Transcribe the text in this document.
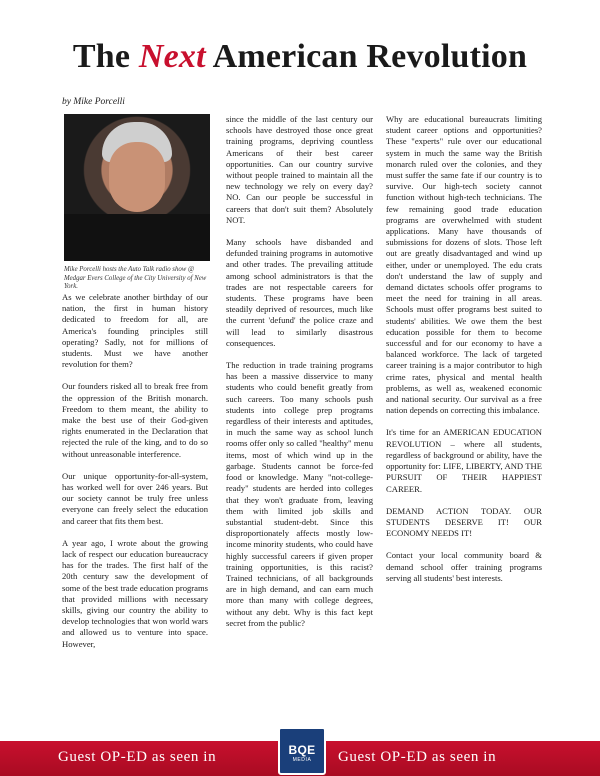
The Next American Revolution
by Mike Porcelli
Mike Porcelli hosts the Auto Talk radio show @ Medgar Evers College of the City University of New York.

As we celebrate another birthday of our nation, the first in human history dedicated to freedom for all, are America's founding principles still operating? Sadly, not for millions of students. Must we have another revolution for them?

Our founders risked all to break free from the oppression of the British monarch. Freedom to them meant, the ability to make the best use of their God-given rights enumerated in the Declaration that rejected the rule of the king, and to do so without unreasonable interference.

Our unique opportunity-for-all-system, has worked well for over 246 years. But our society cannot be truly free unless everyone can freely select the education and career that fits them best.

A year ago, I wrote about the growing lack of respect our education bureaucracy has for the trades. The first half of the 20th century saw the development of some of the best trade education programs that provided millions with necessary skills, giving our country the ability to develop technologies that won world wars and allowed us to venture into space. However,

since the middle of the last century our schools have destroyed those once great training programs, depriving countless Americans of their best career opportunities. Can our country survive without people trained to maintain all the new technology we rely on every day? NO. Can our people be successful in careers that don't suit them? Absolutely NOT.

Many schools have disbanded and defunded training programs in automotive and other trades. The prevailing attitude among school administrators is that the trades are not respectable careers for students. These programs have been steadily deprived of resources, much like the current 'defund' the police craze and will lead to similarly disastrous consequences.

The reduction in trade training programs has been a massive disservice to many students who could benefit greatly from such careers. Too many schools push students into college prep programs regardless of their interests and aptitudes, in much the same way as school lunch rooms offer only so called "healthy" menu items, most of which wind up in the garbage. Students cannot be force-fed food or knowledge. Many "not-college-ready" students are herded into colleges that they won't graduate from, leaving them with limited job skills and substantial student-debt. Since this disproportionately affects mostly low-income minority students, who could have highly successful careers if given proper training opportunities, is this racist? Trained technicians, of all backgrounds are in high demand, and can earn much more than many with college degrees, without any debt. Why is this fact kept secret from the public?

Why are educational bureaucrats limiting student career options and opportunities? These "experts" rule over our educational system in much the same way the British monarch ruled over the colonies, and they must suffer the same fate if our country is to survive. Our high-tech society cannot function without high-tech technicians. The few remaining good trade education programs are overwhelmed with student applications. Many have thousands of submissions for dozens of slots. Those left out are greatly disadvantaged and wind up either, under or unemployed. The edu crats don't understand the law of supply and demand dictates schools offer programs to meet the need for training in all areas. Schools must offer programs best suited to students' abilities. We owe them the best education possible for them to become successful and for our economy to have a balanced workforce. The lack of targeted career training is a major contributor to high crime rates, physical and mental health problems, as well as, weakened economic and national security. Our survival as a free nation depends on correcting this imbalance.

It's time for an AMERICAN EDUCATION REVOLUTION – where all students, regardless of background or ability, have the opportunity for: LIFE, LIBERTY, AND THE PURSUIT OF THEIR HAPPIEST CAREER.

DEMAND ACTION TODAY. OUR STUDENTS DESERVE IT! OUR ECONOMY NEEDS IT!

Contact your local community board & demand school offer training programs serving all students' best interests.

Guest OP-ED as seen in	Guest OP-ED as seen in
BQE
MEDIA
